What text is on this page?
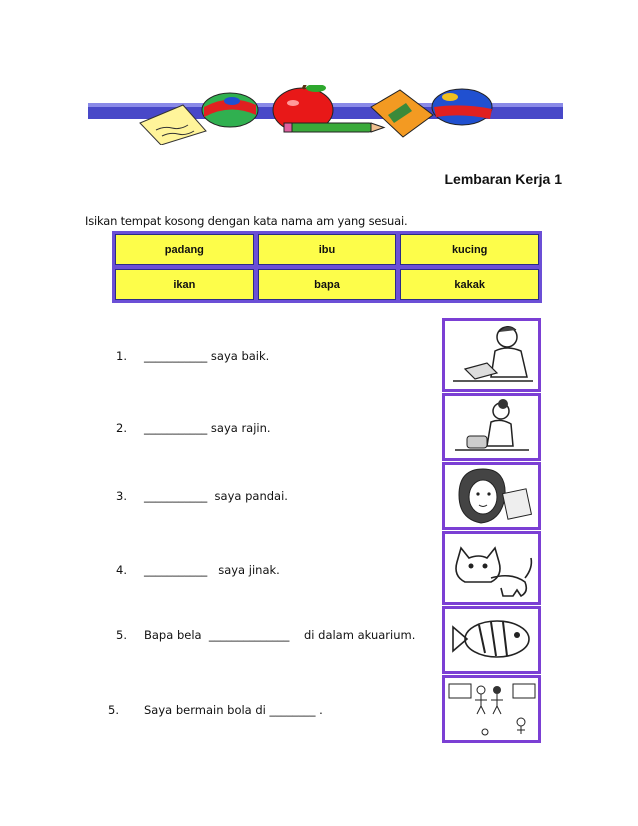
Lembaran Kerja 1
Isikan tempat kosong dengan kata nama am yang sesuai.
padang	ibu	kucing
ikan	bapa	kakak
1. ___________ saya baik.
2. ___________ saya rajin.
3. ___________  saya pandai.
4. ___________   saya jinak.
5. Bapa bela  ______________    di dalam akuarium.
5. Saya bermain bola di ________ .
